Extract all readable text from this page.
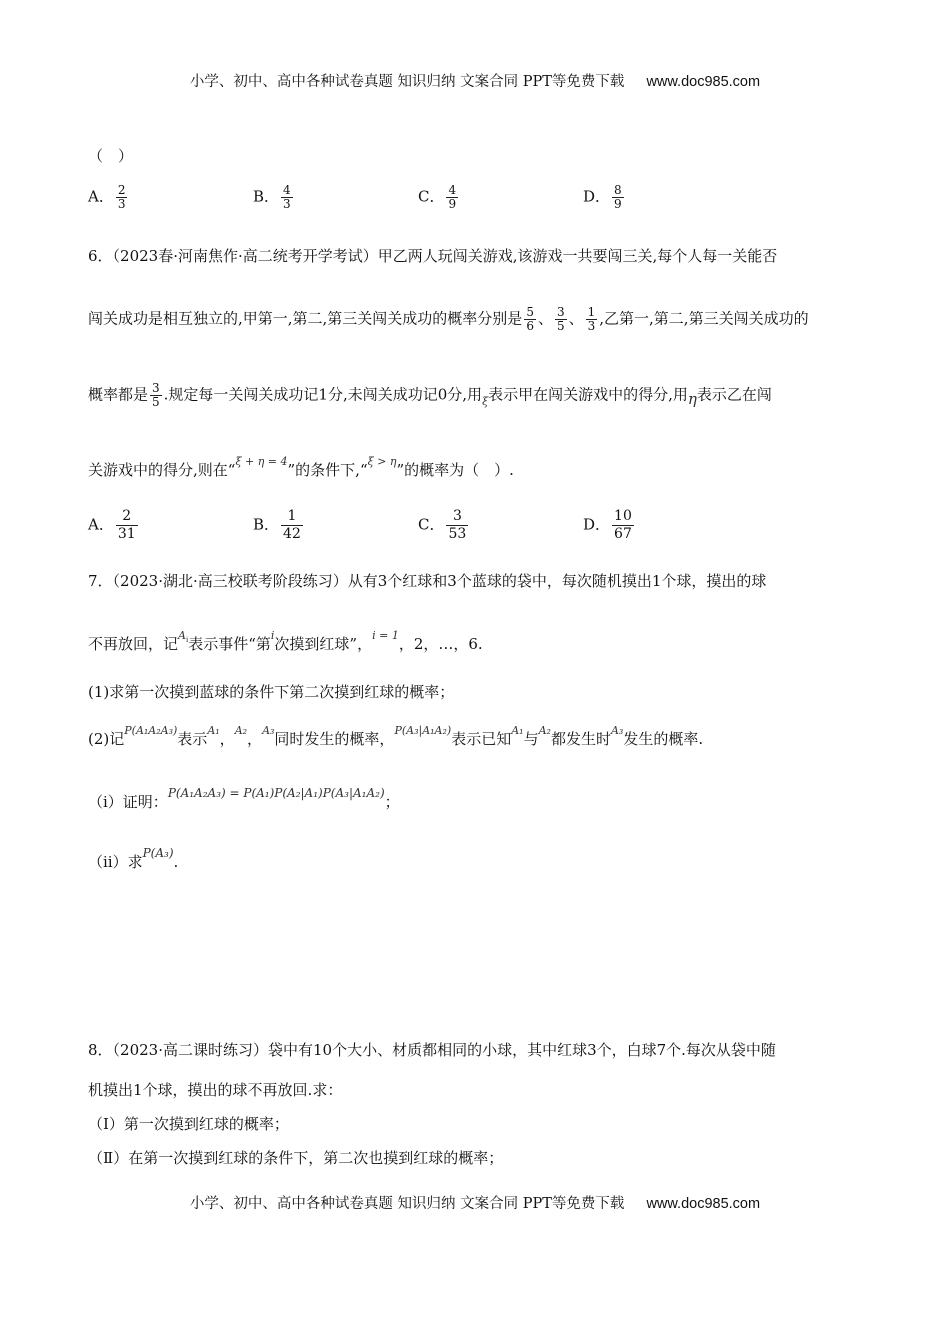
小学、初中、高中各种试卷真题 知识归纳 文案合同 PPT等免费下载 www.doc985.com
（　）
A． $\frac{2}{3}$	B． $\frac{4}{3}$	C． $\frac{4}{9}$	D． $\frac{8}{9}$
6．（2023春·河南焦作·高二统考开学考试）甲乙两人玩闯关游戏,该游戏一共要闯三关,每个人每一关能否
闯关成功是相互独立的,甲第一,第二,第三关闯关成功的概率分别是 $\frac{5}{6}$ 、 $\frac{3}{5}$ 、 $\frac{1}{3}$ ,乙第一,第二,第三关闯关成功的
概率都是 $\frac{3}{5}$ .规定每一关闯关成功记1分,未闯关成功记0分,用$_\xi$表示甲在闯关游戏中的得分,用η表示乙在闯
关游戏中的得分,则在“$^{\xi + \eta = 4}$”的条件下,“$^{\xi > \eta}$”的概率为（　）.
A． $\frac{2}{31}$	B． $\frac{1}{42}$	C． $\frac{3}{53}$	D． $\frac{10}{67}$
7．（2023·湖北·高三校联考阶段练习）从有3个红球和3个蓝球的袋中，每次随机摸出1个球，摸出的球
不再放回，记$^{A_i}$表示事件“第$^i$次摸到红球”，$^{i = 1}$，2，…，6.
(1)求第一次摸到蓝球的条件下第二次摸到红球的概率；
(2)记$^{P(A_1A_2A_3)}$表示$^{A_1}$，$^{A_2}$，$^{A_3}$同时发生的概率，$^{P(A_3|A_1A_2)}$表示已知$^{A_1}$与$^{A_2}$都发生时$^{A_3}$发生的概率.
（ⅰ）证明：$^{P(A_1A_2A_3) = P(A_1)P(A_2|A_1)P(A_3|A_1A_2)}$；
（ⅱ）求$^{P(A_3)}$.
8．（2023·高二课时练习）袋中有10个大小、材质都相同的小球，其中红球3个，白球7个.每次从袋中随
机摸出1个球，摸出的球不再放回.求：
（Ⅰ）第一次摸到红球的概率；
（Ⅱ）在第一次摸到红球的条件下，第二次也摸到红球的概率；
小学、初中、高中各种试卷真题 知识归纳 文案合同 PPT等免费下载 www.doc985.com
